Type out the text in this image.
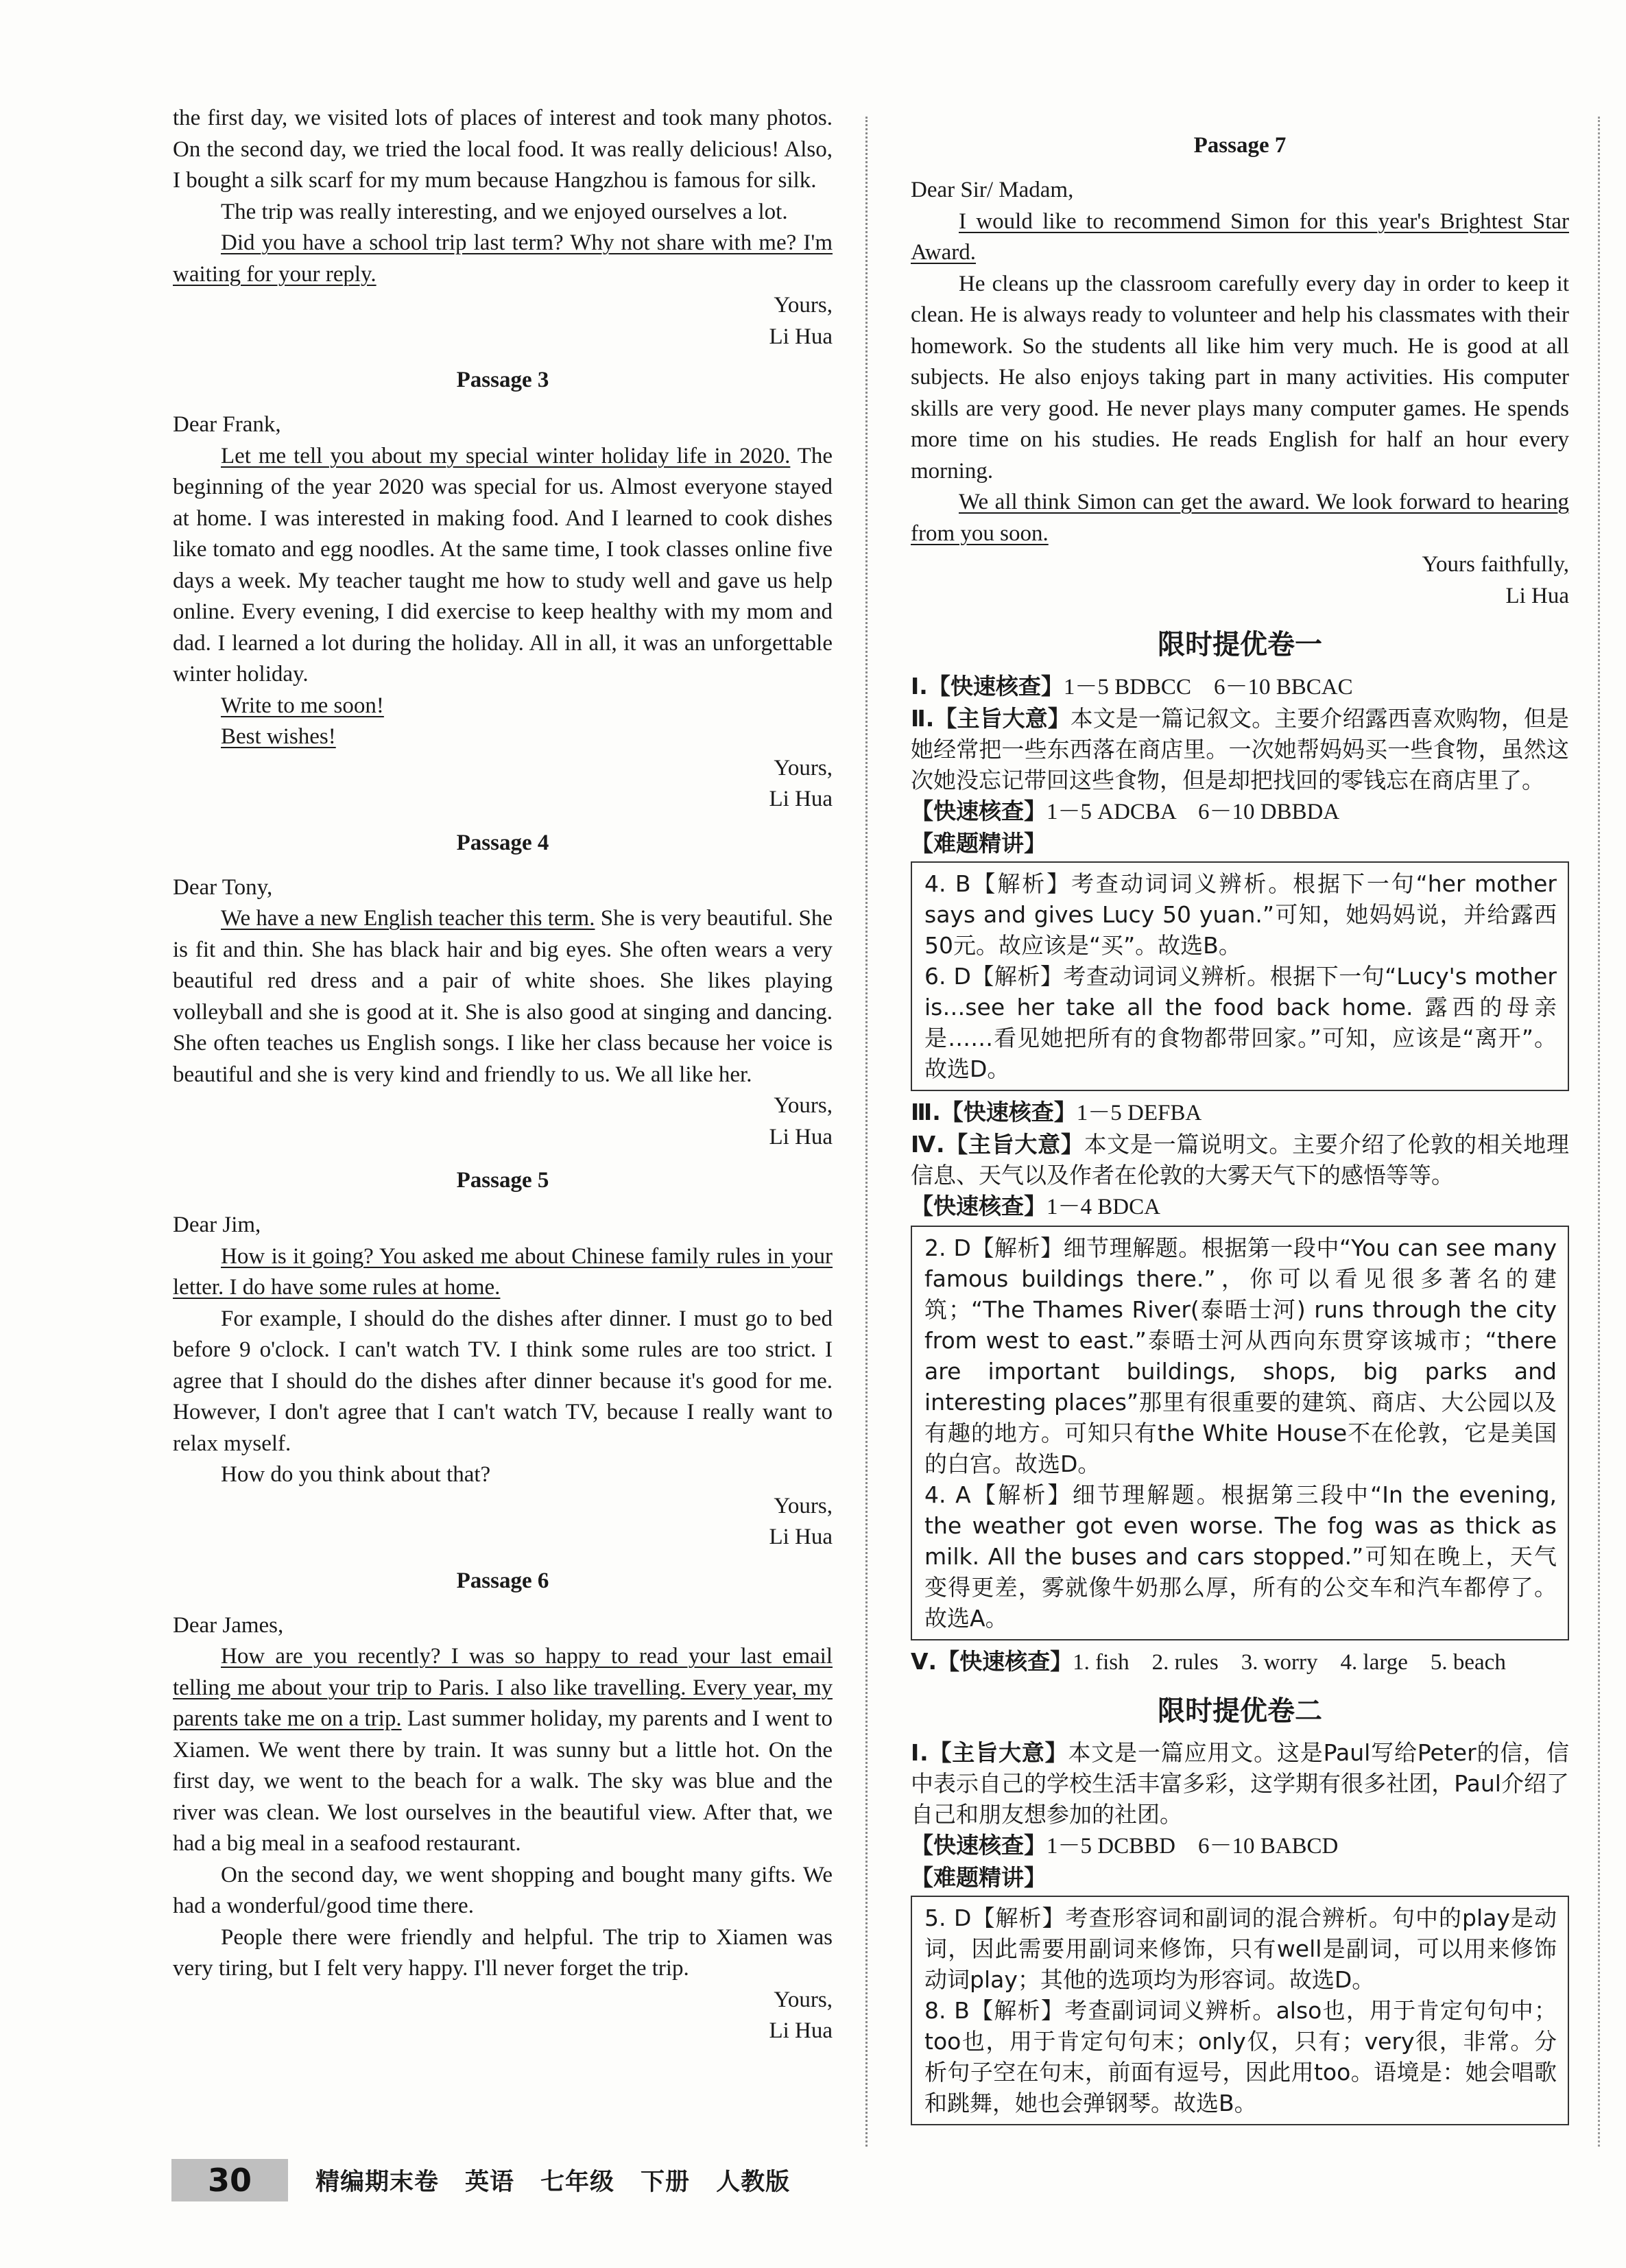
the first day, we visited lots of places of interest and took many photos. On the second day, we tried the local food. It was really delicious! Also, I bought a silk scarf for my mum because Hangzhou is famous for silk.

The trip was really interesting, and we enjoyed ourselves a lot.

Did you have a school trip last term? Why not share with me? I'm waiting for your reply.

Yours,

Li Hua

Passage 3

Dear Frank,

Let me tell you about my special winter holiday life in 2020. The beginning of the year 2020 was special for us. Almost everyone stayed at home. I was interested in making food. And I learned to cook dishes like tomato and egg noodles. At the same time, I took classes online five days a week. My teacher taught me how to study well and gave us help online. Every evening, I did exercise to keep healthy with my mom and dad. I learned a lot during the holiday. All in all, it was an unforgettable winter holiday.

Write to me soon!

Best wishes!

Yours,

Li Hua

Passage 4

Dear Tony,

We have a new English teacher this term. She is very beautiful. She is fit and thin. She has black hair and big eyes. She often wears a very beautiful red dress and a pair of white shoes. She likes playing volleyball and she is good at it. She is also good at singing and dancing. She often teaches us English songs. I like her class because her voice is beautiful and she is very kind and friendly to us. We all like her.

Yours,

Li Hua

Passage 5

Dear Jim,

How is it going? You asked me about Chinese family rules in your letter. I do have some rules at home.

For example, I should do the dishes after dinner. I must go to bed before 9 o'clock. I can't watch TV. I think some rules are too strict. I agree that I should do the dishes after dinner because it's good for me. However, I don't agree that I can't watch TV, because I really want to relax myself.

How do you think about that?

Yours,

Li Hua

Passage 6

Dear James,

How are you recently? I was so happy to read your last email telling me about your trip to Paris. I also like travelling. Every year, my parents take me on a trip. Last summer holiday, my parents and I went to Xiamen. We went there by train. It was sunny but a little hot. On the first day, we went to the beach for a walk. The sky was blue and the river was clean. We lost ourselves in the beautiful view. After that, we had a big meal in a seafood restaurant.

On the second day, we went shopping and bought many gifts. We had a wonderful/good time there.

People there were friendly and helpful. The trip to Xiamen was very tiring, but I felt very happy. I'll never forget the trip.

Yours,

Li Hua

Passage 7

Dear Sir/ Madam,

I would like to recommend Simon for this year's Brightest Star Award.

He cleans up the classroom carefully every day in order to keep it clean. He is always ready to volunteer and help his classmates with their homework. So the students all like him very much. He is good at all subjects. He also enjoys taking part in many activities. His computer skills are very good. He never plays many computer games. He spends more time on his studies. He reads English for half an hour every morning.

We all think Simon can get the award. We look forward to hearing from you soon.

Yours faithfully,

Li Hua

限时提优卷一

Ⅰ.【快速核查】1－5 BDBCC　6－10 BBCAC

Ⅱ.【主旨大意】本文是一篇记叙文。主要介绍露西喜欢购物，但是她经常把一些东西落在商店里。一次她帮妈妈买一些食物，虽然这次她没忘记带回这些食物，但是却把找回的零钱忘在商店里了。

【快速核查】1－5 ADCBA　6－10 DBBDA

【难题精讲】

4. B【解析】考查动词词义辨析。根据下一句“her mother says and gives Lucy 50 yuan.”可知，她妈妈说，并给露西50元。故应该是“买”。故选B。

6. D【解析】考查动词词义辨析。根据下一句“Lucy's mother is…see her take all the food back home. 露西的母亲是……看见她把所有的食物都带回家。”可知，应该是“离开”。故选D。

Ⅲ.【快速核查】1－5 DEFBA

Ⅳ.【主旨大意】本文是一篇说明文。主要介绍了伦敦的相关地理信息、天气以及作者在伦敦的大雾天气下的感悟等等。

【快速核查】1－4 BDCA

2. D【解析】细节理解题。根据第一段中“You can see many famous buildings there.”，你可以看见很多著名的建筑；“The Thames River(泰晤士河) runs through the city from west to east.”泰晤士河从西向东贯穿该城市；“there are important buildings, shops, big parks and interesting places”那里有很重要的建筑、商店、大公园以及有趣的地方。可知只有the White House不在伦敦，它是美国的白宫。故选D。

4. A【解析】细节理解题。根据第三段中“In the evening, the weather got even worse. The fog was as thick as milk. All the buses and cars stopped.”可知在晚上，天气变得更差，雾就像牛奶那么厚，所有的公交车和汽车都停了。故选A。

Ⅴ.【快速核查】1. fish　2. rules　3. worry　4. large　5. beach

限时提优卷二

Ⅰ.【主旨大意】本文是一篇应用文。这是Paul写给Peter的信，信中表示自己的学校生活丰富多彩，这学期有很多社团，Paul介绍了自己和朋友想参加的社团。

【快速核查】1－5 DCBBD　6－10 BABCD

【难题精讲】

5. D【解析】考查形容词和副词的混合辨析。句中的play是动词，因此需要用副词来修饰，只有well是副词，可以用来修饰动词play；其他的选项均为形容词。故选D。

8. B【解析】考查副词词义辨析。also也，用于肯定句句中；too也，用于肯定句句末；only仅，只有；very很，非常。分析句子空在句末，前面有逗号，因此用too。语境是：她会唱歌和跳舞，她也会弹钢琴。故选B。

30	精编期末卷 英语 七年级 下册 人教版
